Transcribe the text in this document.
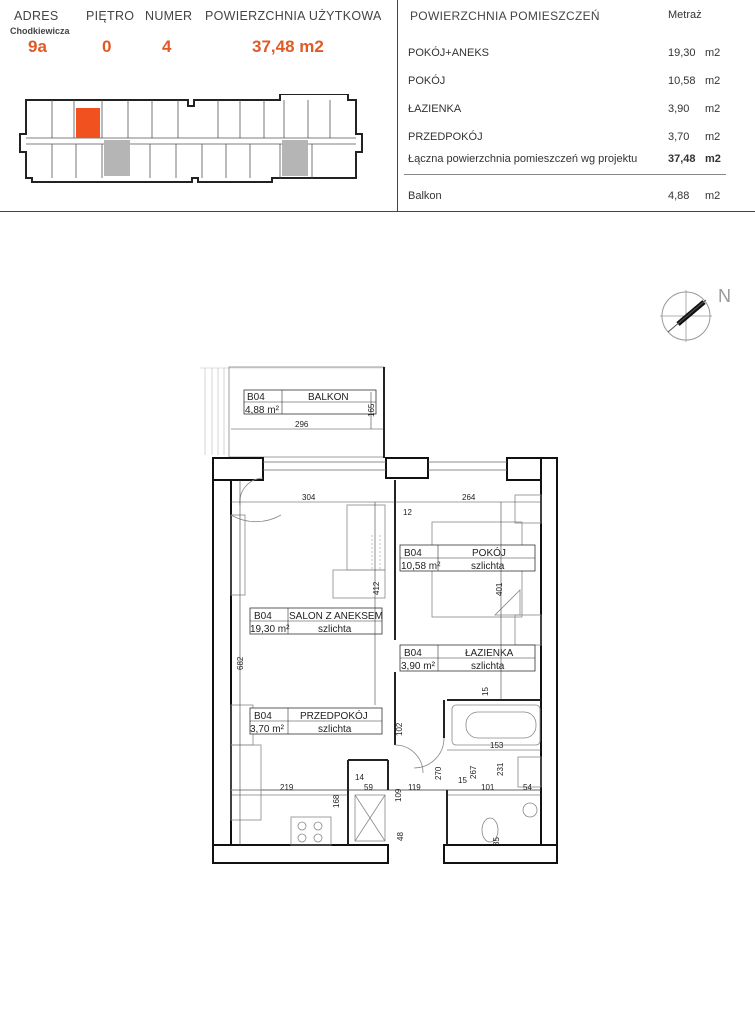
ADRES
Chodkiewicza
9a
PIĘTRO
0
NUMER
4
POWIERZCHNIA UŻYTKOWA
37,48 m2
POWIERZCHNIA POMIESZCZEŃ	Metraż
POKÓJ+ANEKS	19,30 m2
POKÓJ	10,58 m2
ŁAZIENKA	3,90 m2
PRZEDPOKÓJ	3,70 m2
Łączna powierzchnia pomieszczeń wg projektu	37,48 m2
Balkon	4,88 m2
N
B04	BALKON
4,88 m²
B04 SALON Z ANEKSEM
19,30 m²	szlichta
B04	POKÓJ
10,58 m²	szlichta
B04	ŁAZIENKA
3,90 m²	szlichta
B04	PRZEDPOKÓJ
3,70 m²	szlichta
296
165
304	264
12
412	401
682
102
15
153
270
15
267 231
14
59
109
119	101	54
219
168
48
35
